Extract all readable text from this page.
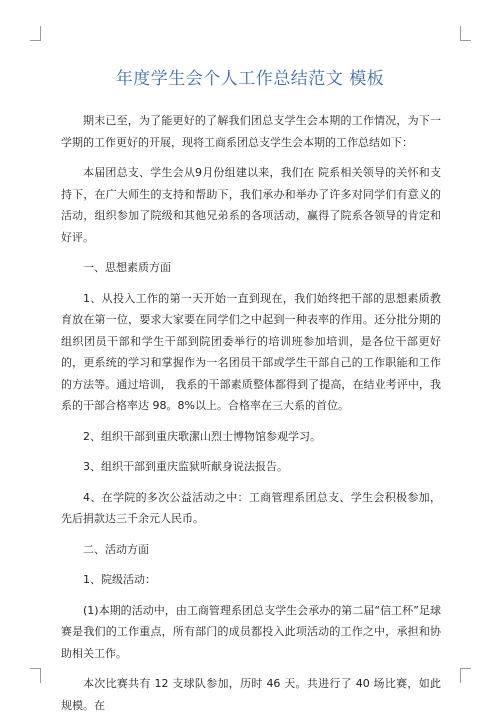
年度学生会个人工作总结范文 模板

期末已至，为了能更好的了解我们团总支学生会本期的工作情况，为下一学期的工作更好的开展，现将工商系团总支学生会本期的工作总结如下：

本届团总支、学生会从9月份组建以来，我们在 院系相关领导的关怀和支持下，在广大师生的支持和帮助下，我们承办和举办了许多对同学们有意义的活动，组织参加了院级和其他兄弟系的各项活动，赢得了院系各领导的肯定和好评。

一、思想素质方面

1、从投入工作的第一天开始一直到现在，我们始终把干部的思想素质教育放在第一位，要求大家要在同学们之中起到一种表率的作用。还分批分期的组织团员干部和学生干部到院团委举行的培训班参加培训，是各位干部更好的，更系统的学习和掌握作为一名团员干部或学生干部自己的工作职能和工作的方法等。通过培训， 我系的干部素质整体都得到了提高，在结业考评中，我系的干部合格率达 98。8%以上。合格率在三大系的首位。

2、组织干部到重庆歌潔山烈士博物馆参观学习。

3、组织干部到重庆监狱听献身说法报告。

4、在学院的多次公益活动之中：工商管理系团总支、学生会积极参加，先后捐款达三千余元人民币。

二、活动方面

1、院级活动：

(1)本期的活动中，由工商管理系团总支学生会承办的第二届“信工杯”足球赛是我们的工作重点，所有部门的成员都投入此项活动的工作之中，承担和协助相关工作。

本次比赛共有 12 支球队参加，历时 46 天。共进行了 40 场比赛，如此规模。在
